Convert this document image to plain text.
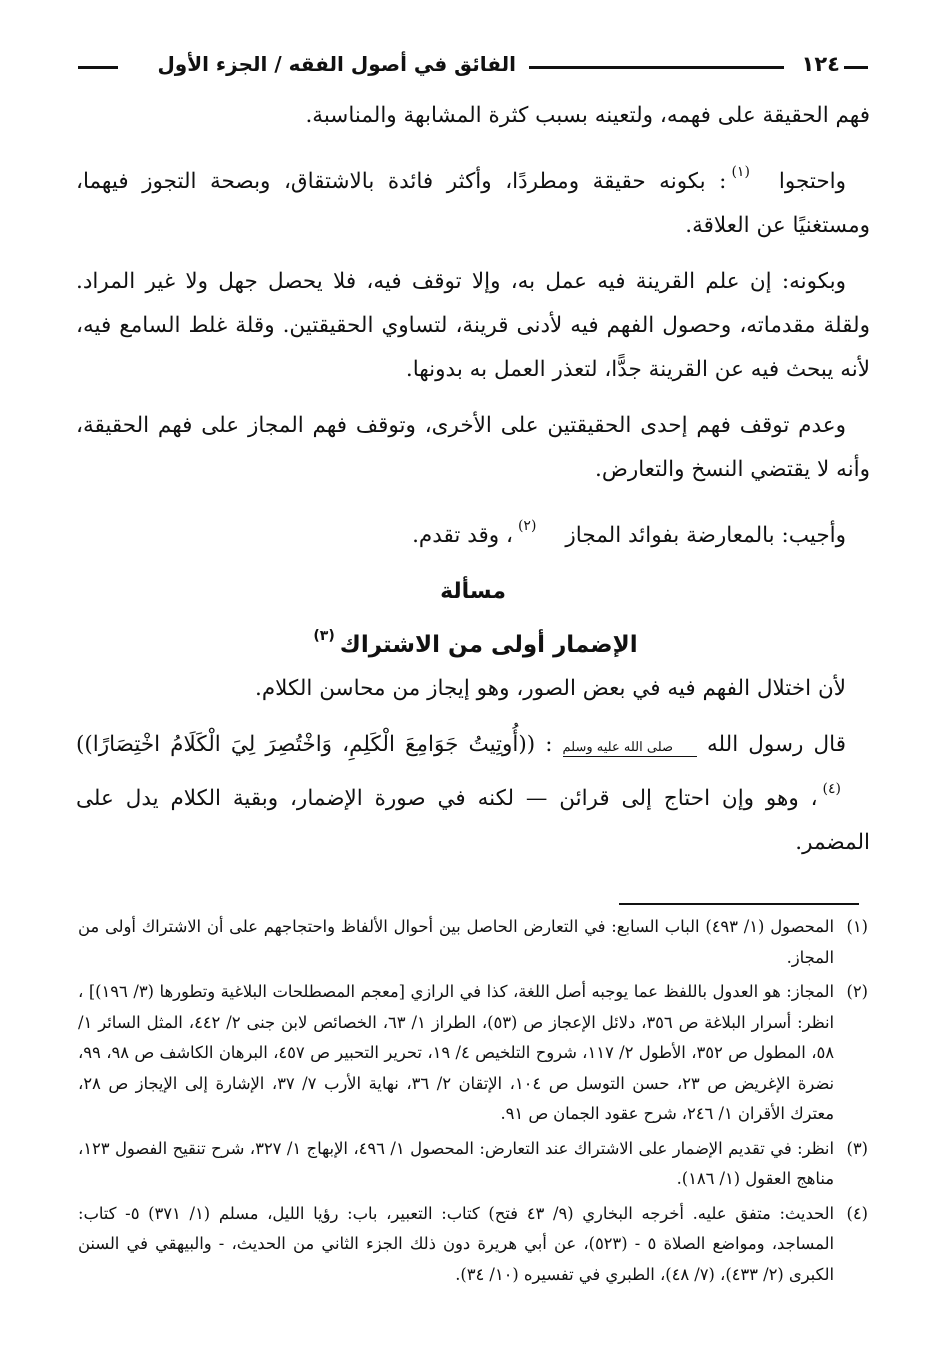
١٢٤
الفائق في أصول الفقه / الجزء الأول

فهم الحقيقة على فهمه، ولتعينه بسبب كثرة المشابهة والمناسبة.

واحتجوا(١): بكونه حقيقة ومطردًا، وأكثر فائدة بالاشتقاق، وبصحة التجوز فيهما، ومستغنيًا عن العلاقة.

وبكونه: إن علم القرينة فيه عمل به، وإلا توقف فيه، فلا يحصل جهل ولا غير المراد. ولقلة مقدماته، وحصول الفهم فيه لأدنى قرينة، لتساوي الحقيقتين. وقلة غلط السامع فيه، لأنه يبحث فيه عن القرينة جدًّا، لتعذر العمل به بدونها.

وعدم توقف فهم إحدى الحقيقتين على الأخرى، وتوقف فهم المجاز على فهم الحقيقة، وأنه لا يقتضي النسخ والتعارض.

وأجيب: بالمعارضة بفوائد المجاز(٢)، وقد تقدم.

مسألة

الإضمار أولى من الاشتراك(٣)

لأن اختلال الفهم فيه في بعض الصور، وهو إيجاز من محاسن الكلام.

قال رسول اللهصلى الله عليه وسلم: ((أُوتِيتُ جَوَامِعَ الْكَلِمِ، وَاخْتُصِرَ لِيَ الْكَلَامُ اخْتِصَارًا))(٤)، وهو وإن احتاج إلى قرائن — لكنه في صورة الإضمار، وبقية الكلام يدل على المضمر.

(١)
المحصول (١/ ٤٩٣) الباب السابع: في التعارض الحاصل بين أحوال الألفاظ واحتجاجهم على أن الاشتراك أولى من المجاز.

(٢)
المجاز: هو العدول باللفظ عما يوجبه أصل اللغة، كذا في الرازي [معجم المصطلحات البلاغية وتطورها (٣/ ١٩٦)] ، انظر: أسرار البلاغة ص ٣٥٦، دلائل الإعجاز ص (٥٣)، الطراز ١/ ٦٣، الخصائص لابن جنى ٢/ ٤٤٢، المثل السائر ١/ ٥٨، المطول ص ٣٥٢، الأطول ٢/ ١١٧، شروح التلخيص ٤/ ١٩، تحرير التحبير ص ٤٥٧، البرهان الكاشف ص ٩٨، ٩٩، نضرة الإغريض ص ٢٣، حسن التوسل ص ١٠٤، الإتقان ٢/ ٣٦، نهاية الأرب ٧/ ٣٧، الإشارة إلى الإيجاز ص ٢٨، معترك الأقران ١/ ٢٤٦، شرح عقود الجمان ص ٩١.

(٣)
انظر: في تقديم الإضمار على الاشتراك عند التعارض: المحصول ١/ ٤٩٦، الإبهاج ١/ ٣٢٧، شرح تنقيح الفصول ١٢٣، مناهج العقول (١/ ١٨٦).

(٤)
الحديث: متفق عليه. أخرجه البخاري (٩/ ٤٣ فتح) كتاب: التعبير، باب: رؤيا الليل، مسلم (١/ ٣٧١) ٥- كتاب: المساجد، ومواضع الصلاة ٥ - (٥٢٣)، عن أبي هريرة دون ذلك الجزء الثاني من الحديث، - والبيهقي في السنن الكبرى (٢/ ٤٣٣)، (٧/ ٤٨)، الطبري في تفسيره (١٠/ ٣٤).
